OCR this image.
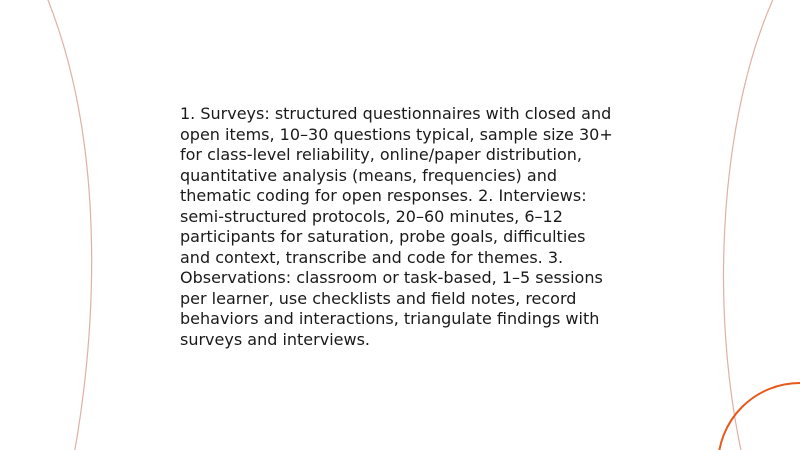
1. Surveys: structured questionnaires with closed and open items, 10–30 questions typical, sample size 30+ for class-level reliability, online/paper distribution, quantitative analysis (means, frequencies) and thematic coding for open responses. 2. Interviews: semi-structured protocols, 20–60 minutes, 6–12 participants for saturation, probe goals, difficulties and context, transcribe and code for themes. 3. Observations: classroom or task-based, 1–5 sessions per learner, use checklists and field notes, record behaviors and interactions, triangulate findings with surveys and interviews.
